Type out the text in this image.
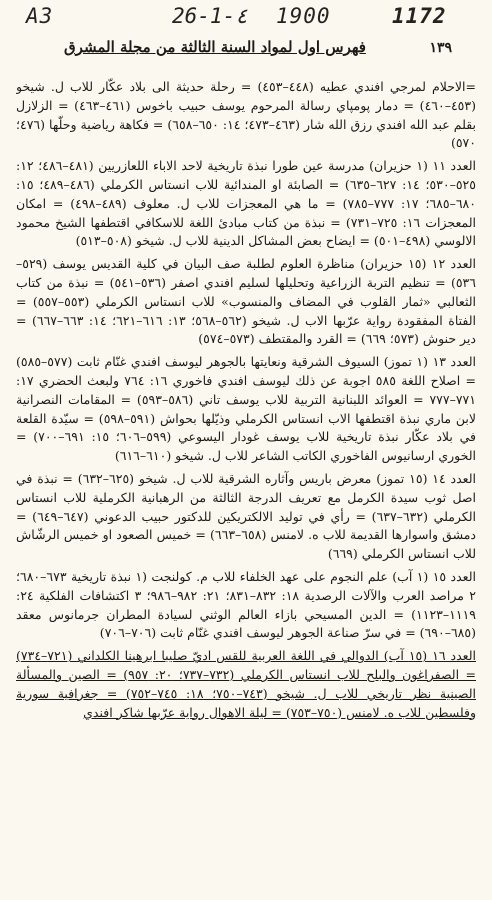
A3	26-1-٤ 1900	1172
فهرس اول لمواد السنة الثالثة من مجلة المشرق	١٣٩

=الاحلام لمرجي افندي عطيه (٤٤٨–٤٥٣) = رحلة حديثة الى بلاد عكّار للاب ل. شيخو (٤٥٣–٤٦٠) = دمار پومپاي رسالة المرحوم يوسف حبيب باخوس (٤٦١–٤٦٣) = الزلازل بقلم عبد الله افندي رزق الله شار (٤٦٣–٤٧٣؛ ١٤: ٦٥٠–٦٥٨) = فكاهة رياضية وحلّها (٤٧٦؛ ٥٧٠)

العدد ١١ (١ حزيران) مدرسة عين طورا نبذة تاريخية لاحد الاباء اللعازريين (٤٨١–٤٨٦؛ ١٢: ٥٢٥–٥٣٠؛ ١٤: ٦٢٧–٦٣٥) = الصابئة او المندائية للاب انستاس الكرملي (٤٨٦–٤٨٩؛ ١٥: ٦٨٠–٦٨٥؛ ١٧: ٧٧٧–٧٨٥) = ما هي المعجزات للاب ل. معلوف (٤٨٩–٤٩٨) = امكان المعجزات ١٦: ٧٢٥–٧٣١) = نبذة من كتاب مبادئ اللغة للاسكافي اقتطفها الشيخ محمود الالوسي (٤٩٨–٥٠١) = ايضاح بعض المشاكل الدينية للاب ل. شيخو (٥٠٨–٥١٣)

العدد ١٢ (١٥ حزيران) مناظرة العلوم لطلبة صف البيان في كلية القديس يوسف (٥٢٩–٥٣٦) = تنظيم التربة الزراعية وتحليلها لسليم افندي اصفر (٥٣٦–٥٤١) = نبذة من كتاب الثعالبي «ثمار القلوب في المضاف والمنسوب» للاب انستاس الكرملي (٥٥٣–٥٥٧) = الفتاة المفقودة رواية عرّبها الاب ل. شيخو (٥٦٢–٥٦٨؛ ١٣: ٦١٦–٦٢١؛ ١٤: ٦٦٣–٦٦٧) = دير حنوش (٥٧٣؛ ٦٦٩) = القرد والمقتطف (٥٧٣–٥٧٤)

العدد ١٣ (١ تموز) السيوف الشرقية ونعايتها بالجوهر ليوسف افندي غنّام ثابت (٥٧٧–٥٨٥) = اصلاح اللغة ٥٨٥ اجوبة عن ذلك ليوسف افندي فاخوري ١٦: ٧٦٤ ولبعث الحضري ١٧: ٧٧١–٧٧٧ = العوائد اللبنانية التربية للاب يوسف تاني (٥٨٦–٥٩٣) = المقامات النصرانية لابن ماري نبذة اقتطفها الاب انستاس الكرملي وذيّلها بحواش (٥٩١–٥٩٨) = سيّدة القلعة في بلاد عكّار نبذة تاريخية للاب يوسف غودار اليسوعي (٥٩٩–٦٠٦؛ ١٥: ٦٩١–٧٠٠) = الخوري ارسانيوس الفاخوري الكاتب الشاعر للاب ل. شيخو (٦١٠–٦١٦)

العدد ١٤ (١٥ تموز) معرض باريس وآثاره الشرقية للاب ل. شيخو (٦٢٥–٦٣٢) = نبذة في اصل ثوب سيدة الكرمل مع تعريف الدرجة الثالثة من الرهبانية الكرملية للاب انستاس الكرملي (٦٣٢–٦٣٧) = رأي في توليد الالكتريكين للدكتور حبيب الدعوني (٦٤٧–٦٤٩) = دمشق واسوارها القديمة للاب ه. لامنس (٦٥٨–٦٦٣) = خميس الصعود او خميس الرشّاش للاب انستاس الكرملي (٦٦٩)

العدد ١٥ (١ آب) علم النجوم على عهد الخلفاء للاب م. كولنجت (١ نبذة تاريخية ٦٧٣–٦٨٠؛ ٢ مراصد العرب والآلات الرصدية ١٨: ٨٣٢–٨٣١؛ ٢١: ٩٨٢–٩٨٦؛ ٣ اكتشافات الفلكية ٢٤: ١١١٩–١١٢٣) = الدين المسيحي بازاء العالم الوثني لسيادة المطران جرمانوس معقد (٦٨٥–٦٩٠) = في سرّ صناعة الجوهر ليوسف افندي غنّام ثابت (٧٠٦–٧٠٦)

العدد ١٦ (١٥ آب) الدوالي في اللغة العربية للقس اديّ صليبا ابرهينا الكلداني (٧٢١–٧٣٤) = الصفراغون والبلح للاب انستاس الكرملي (٧٣٢–٧٣٧؛ ٢٠: ٩٥٧) = الصين والمسألة الصينية نظر تاريخي للاب ل. شيخو (٧٤٣–٧٥٠؛ ١٨: ٧٤٥–٧٥٢) = جغرافية سورية وفلسطين للاب ه. لامنس (٧٥٠–٧٥٣) = ليلة الاهوال رواية عرّبها شاكر افندي
